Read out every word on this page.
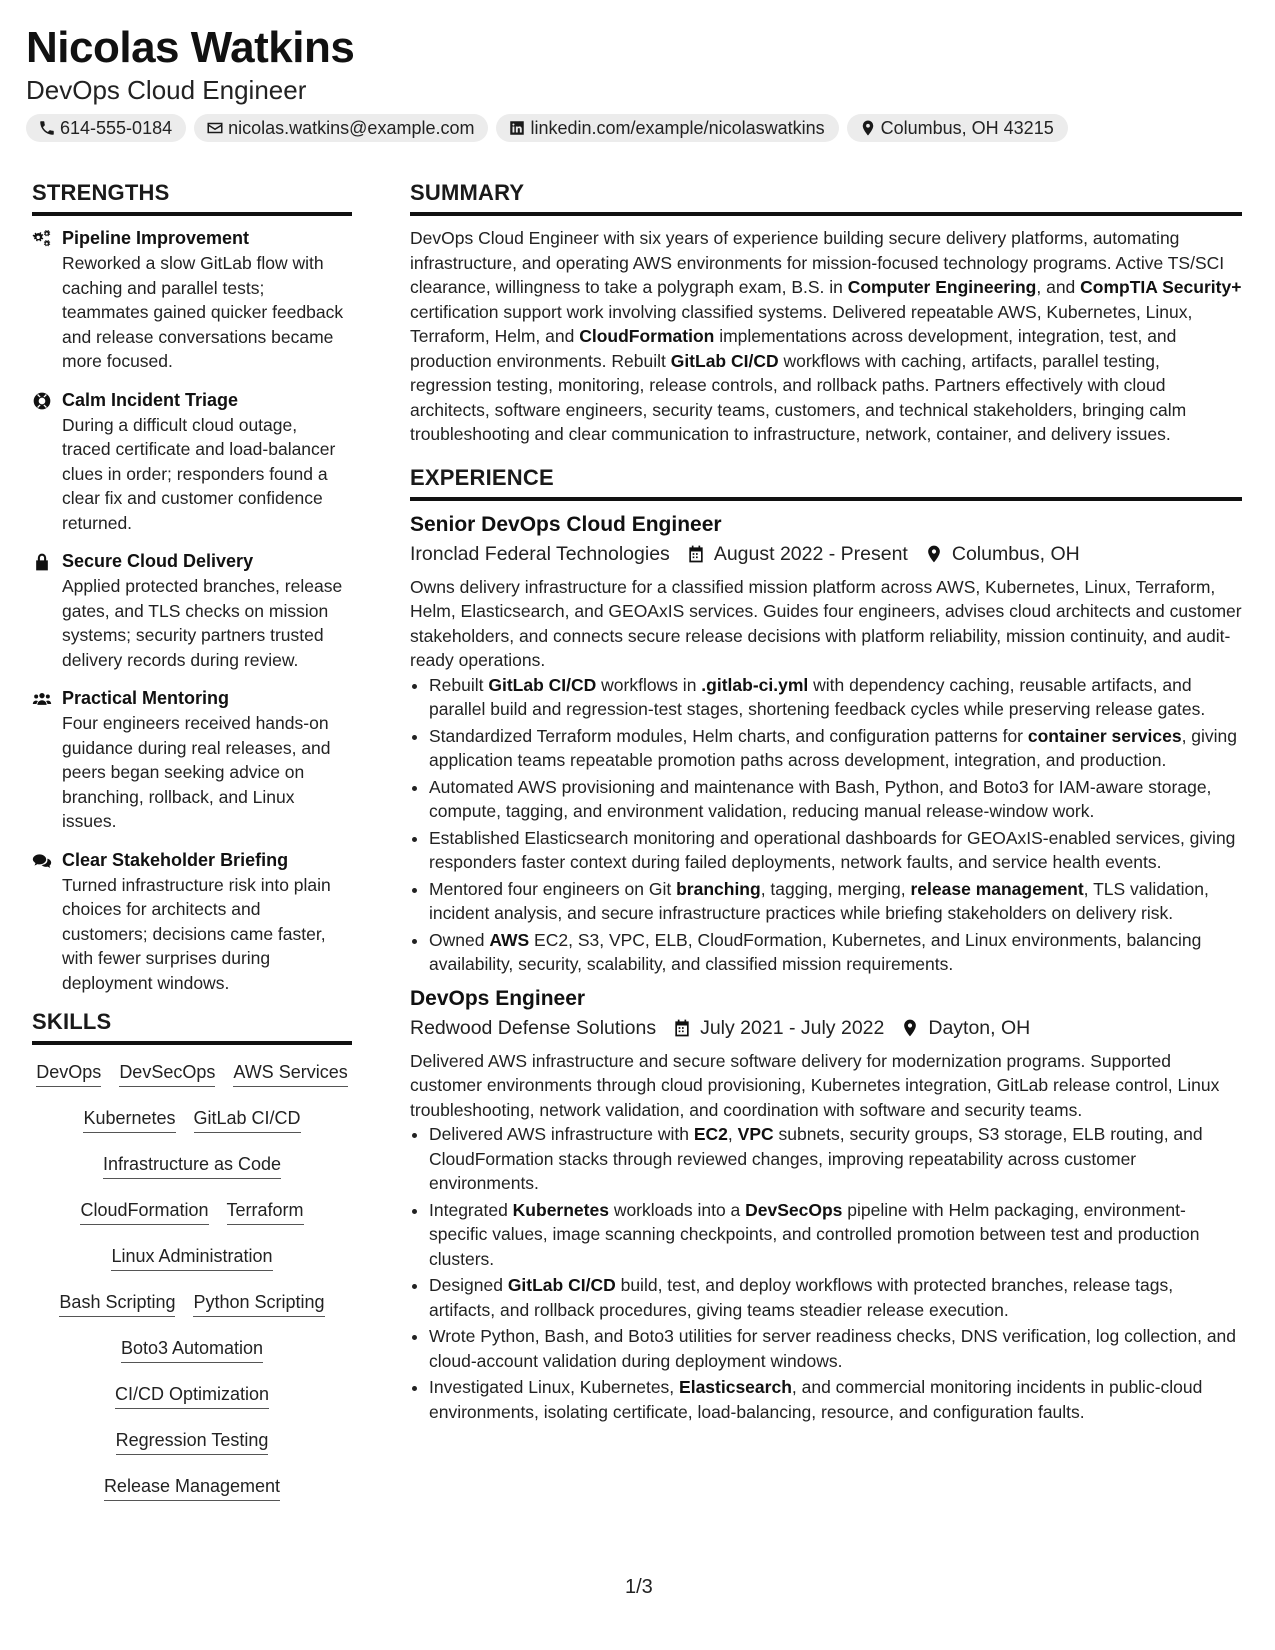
Nicolas Watkins
DevOps Cloud Engineer
614-555-0184	nicolas.watkins@example.com	linkedin.com/example/nicolaswatkins	Columbus, OH 43215
STRENGTHS
Pipeline Improvement
Reworked a slow GitLab flow with caching and parallel tests; teammates gained quicker feedback and release conversations became more focused.
Calm Incident Triage
During a difficult cloud outage, traced certificate and load-balancer clues in order; responders found a clear fix and customer confidence returned.
Secure Cloud Delivery
Applied protected branches, release gates, and TLS checks on mission systems; security partners trusted delivery records during review.
Practical Mentoring
Four engineers received hands-on guidance during real releases, and peers began seeking advice on branching, rollback, and Linux issues.
Clear Stakeholder Briefing
Turned infrastructure risk into plain choices for architects and customers; decisions came faster, with fewer surprises during deployment windows.
SKILLS
DevOps DevSecOps AWS Services
Kubernetes GitLab CI/CD
Infrastructure as Code
CloudFormation Terraform
Linux Administration
Bash Scripting Python Scripting
Boto3 Automation
CI/CD Optimization
Regression Testing
Release Management
SUMMARY
DevOps Cloud Engineer with six years of experience building secure delivery platforms, automating infrastructure, and operating AWS environments for mission-focused technology programs. Active TS/SCI clearance, willingness to take a polygraph exam, B.S. in Computer Engineering, and CompTIA Security+ certification support work involving classified systems. Delivered repeatable AWS, Kubernetes, Linux, Terraform, Helm, and CloudFormation implementations across development, integration, test, and production environments. Rebuilt GitLab CI/CD workflows with caching, artifacts, parallel testing, regression testing, monitoring, release controls, and rollback paths. Partners effectively with cloud architects, software engineers, security teams, customers, and technical stakeholders, bringing calm troubleshooting and clear communication to infrastructure, network, container, and delivery issues.
EXPERIENCE
Senior DevOps Cloud Engineer
Ironclad Federal Technologies August 2022 - Present Columbus, OH
Owns delivery infrastructure for a classified mission platform across AWS, Kubernetes, Linux, Terraform, Helm, Elasticsearch, and GEOAxIS services. Guides four engineers, advises cloud architects and customer stakeholders, and connects secure release decisions with platform reliability, mission continuity, and audit-ready operations.
• Rebuilt GitLab CI/CD workflows in .gitlab-ci.yml with dependency caching, reusable artifacts, and parallel build and regression-test stages, shortening feedback cycles while preserving release gates.
• Standardized Terraform modules, Helm charts, and configuration patterns for container services, giving application teams repeatable promotion paths across development, integration, and production.
• Automated AWS provisioning and maintenance with Bash, Python, and Boto3 for IAM-aware storage, compute, tagging, and environment validation, reducing manual release-window work.
• Established Elasticsearch monitoring and operational dashboards for GEOAxIS-enabled services, giving responders faster context during failed deployments, network faults, and service health events.
• Mentored four engineers on Git branching, tagging, merging, release management, TLS validation, incident analysis, and secure infrastructure practices while briefing stakeholders on delivery risk.
• Owned AWS EC2, S3, VPC, ELB, CloudFormation, Kubernetes, and Linux environments, balancing availability, security, scalability, and classified mission requirements.
DevOps Engineer
Redwood Defense Solutions July 2021 - July 2022 Dayton, OH
Delivered AWS infrastructure and secure software delivery for modernization programs. Supported customer environments through cloud provisioning, Kubernetes integration, GitLab release control, Linux troubleshooting, network validation, and coordination with software and security teams.
• Delivered AWS infrastructure with EC2, VPC subnets, security groups, S3 storage, ELB routing, and CloudFormation stacks through reviewed changes, improving repeatability across customer environments.
• Integrated Kubernetes workloads into a DevSecOps pipeline with Helm packaging, environment-specific values, image scanning checkpoints, and controlled promotion between test and production clusters.
• Designed GitLab CI/CD build, test, and deploy workflows with protected branches, release tags, artifacts, and rollback procedures, giving teams steadier release execution.
• Wrote Python, Bash, and Boto3 utilities for server readiness checks, DNS verification, log collection, and cloud-account validation during deployment windows.
• Investigated Linux, Kubernetes, Elasticsearch, and commercial monitoring incidents in public-cloud environments, isolating certificate, load-balancing, resource, and configuration faults.
1/3
